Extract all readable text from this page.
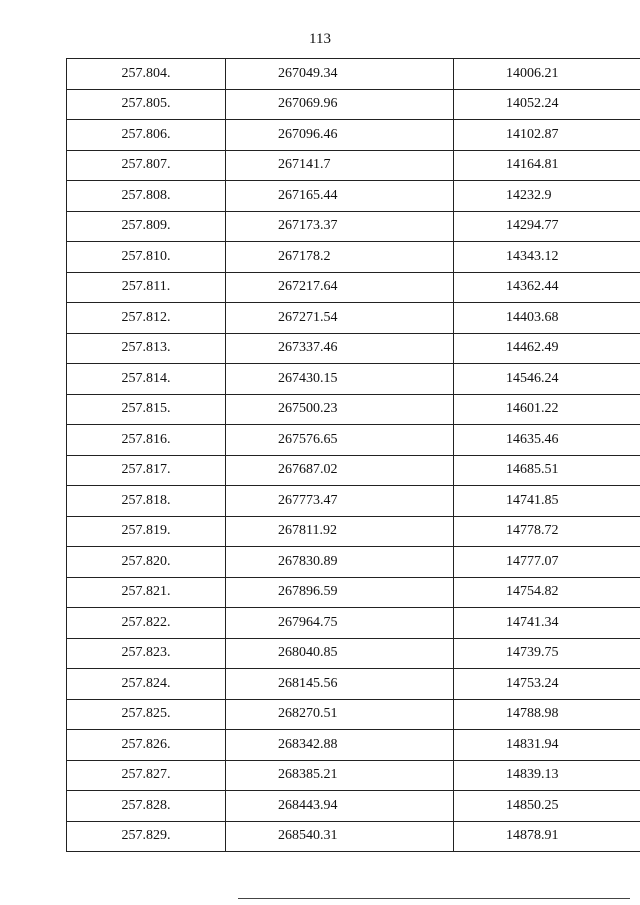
113
257.804.	267049.34	14006.21
257.805.	267069.96	14052.24
257.806.	267096.46	14102.87
257.807.	267141.7	14164.81
257.808.	267165.44	14232.9
257.809.	267173.37	14294.77
257.810.	267178.2	14343.12
257.811.	267217.64	14362.44
257.812.	267271.54	14403.68
257.813.	267337.46	14462.49
257.814.	267430.15	14546.24
257.815.	267500.23	14601.22
257.816.	267576.65	14635.46
257.817.	267687.02	14685.51
257.818.	267773.47	14741.85
257.819.	267811.92	14778.72
257.820.	267830.89	14777.07
257.821.	267896.59	14754.82
257.822.	267964.75	14741.34
257.823.	268040.85	14739.75
257.824.	268145.56	14753.24
257.825.	268270.51	14788.98
257.826.	268342.88	14831.94
257.827.	268385.21	14839.13
257.828.	268443.94	14850.25
257.829.	268540.31	14878.91
